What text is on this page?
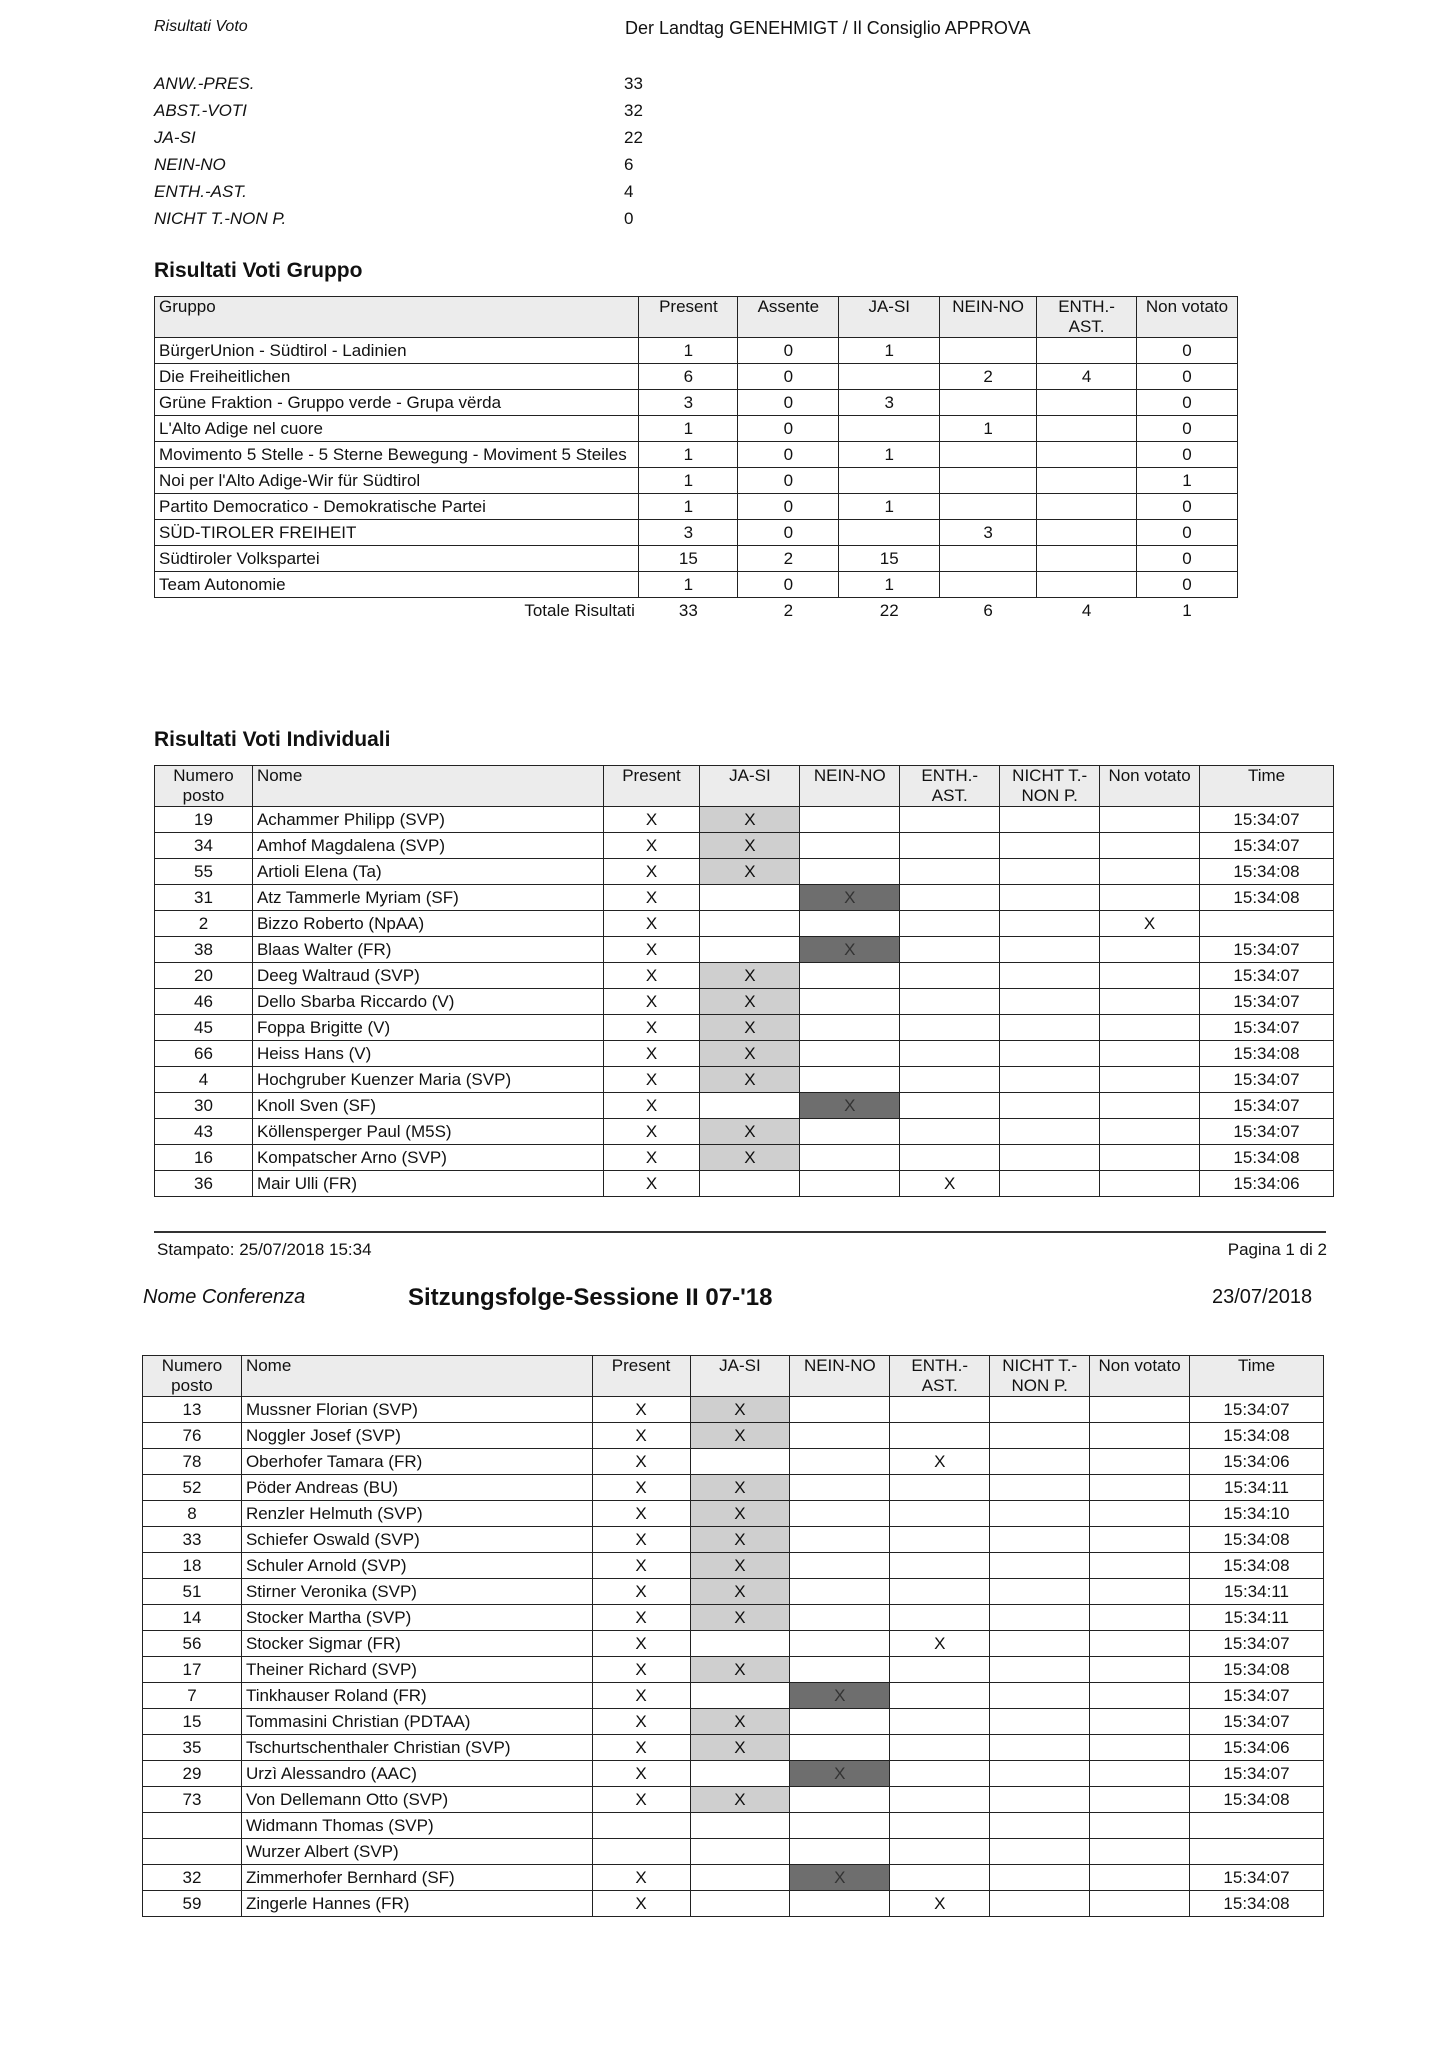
Risultati Voto	Der Landtag GENEHMIGT / Il Consiglio APPROVA
ANW.-PRES.	33
ABST.-VOTI	32
JA-SI	22
NEIN-NO	6
ENTH.-AST.	4
NICHT T.-NON P.	0
Risultati Voti Gruppo
Gruppo	Present	Assente	JA-SI	NEIN-NO	ENTH.- AST.	Non votato
BürgerUnion - Südtirol - Ladinien	1	0	1			0
Die Freiheitlichen	6	0		2	4	0
Grüne Fraktion - Gruppo verde - Grupa vërda	3	0	3			0
L'Alto Adige nel cuore	1	0		1		0
Movimento 5 Stelle - 5 Sterne Bewegung - Moviment 5 Steiles	1	0	1			0
Noi per l'Alto Adige-Wir für Südtirol	1	0				1
Partito Democratico - Demokratische Partei	1	0	1			0
SÜD-TIROLER FREIHEIT	3	0		3		0
Südtiroler Volkspartei	15	2	15			0
Team Autonomie	1	0	1			0
Totale Risultati	33	2	22	6	4	1
Risultati Voti Individuali
Numero posto	Nome	Present	JA-SI	NEIN-NO	ENTH.- AST.	NICHT T.- NON P.	Non votato	Time
19	Achammer Philipp (SVP)	X	X					15:34:07
34	Amhof Magdalena (SVP)	X	X					15:34:07
55	Artioli Elena (Ta)	X	X					15:34:08
31	Atz Tammerle Myriam (SF)	X		X				15:34:08
2	Bizzo Roberto (NpAA)	X					X	
38	Blaas Walter (FR)	X		X				15:34:07
20	Deeg Waltraud (SVP)	X	X					15:34:07
46	Dello Sbarba Riccardo (V)	X	X					15:34:07
45	Foppa Brigitte (V)	X	X					15:34:07
66	Heiss Hans (V)	X	X					15:34:08
4	Hochgruber Kuenzer Maria (SVP)	X	X					15:34:07
30	Knoll Sven (SF)	X		X				15:34:07
43	Köllensperger Paul (M5S)	X	X					15:34:07
16	Kompatscher Arno (SVP)	X	X					15:34:08
36	Mair Ulli (FR)	X			X			15:34:06
Stampato: 25/07/2018 15:34	Pagina 1 di 2
Nome Conferenza	Sitzungsfolge-Sessione II 07-'18	23/07/2018
Numero posto	Nome	Present	JA-SI	NEIN-NO	ENTH.- AST.	NICHT T.- NON P.	Non votato	Time
13	Mussner Florian (SVP)	X	X					15:34:07
76	Noggler Josef (SVP)	X	X					15:34:08
78	Oberhofer Tamara (FR)	X			X			15:34:06
52	Pöder Andreas (BU)	X	X					15:34:11
8	Renzler Helmuth (SVP)	X	X					15:34:10
33	Schiefer Oswald (SVP)	X	X					15:34:08
18	Schuler Arnold (SVP)	X	X					15:34:08
51	Stirner Veronika (SVP)	X	X					15:34:11
14	Stocker Martha (SVP)	X	X					15:34:11
56	Stocker Sigmar (FR)	X			X			15:34:07
17	Theiner Richard (SVP)	X	X					15:34:08
7	Tinkhauser Roland (FR)	X		X				15:34:07
15	Tommasini Christian (PDTAA)	X	X					15:34:07
35	Tschurtschenthaler Christian (SVP)	X	X					15:34:06
29	Urzì Alessandro (AAC)	X		X				15:34:07
73	Von Dellemann Otto (SVP)	X	X					15:34:08
	Widmann Thomas (SVP)							
	Wurzer Albert (SVP)							
32	Zimmerhofer Bernhard (SF)	X		X				15:34:07
59	Zingerle Hannes (FR)	X			X			15:34:08
